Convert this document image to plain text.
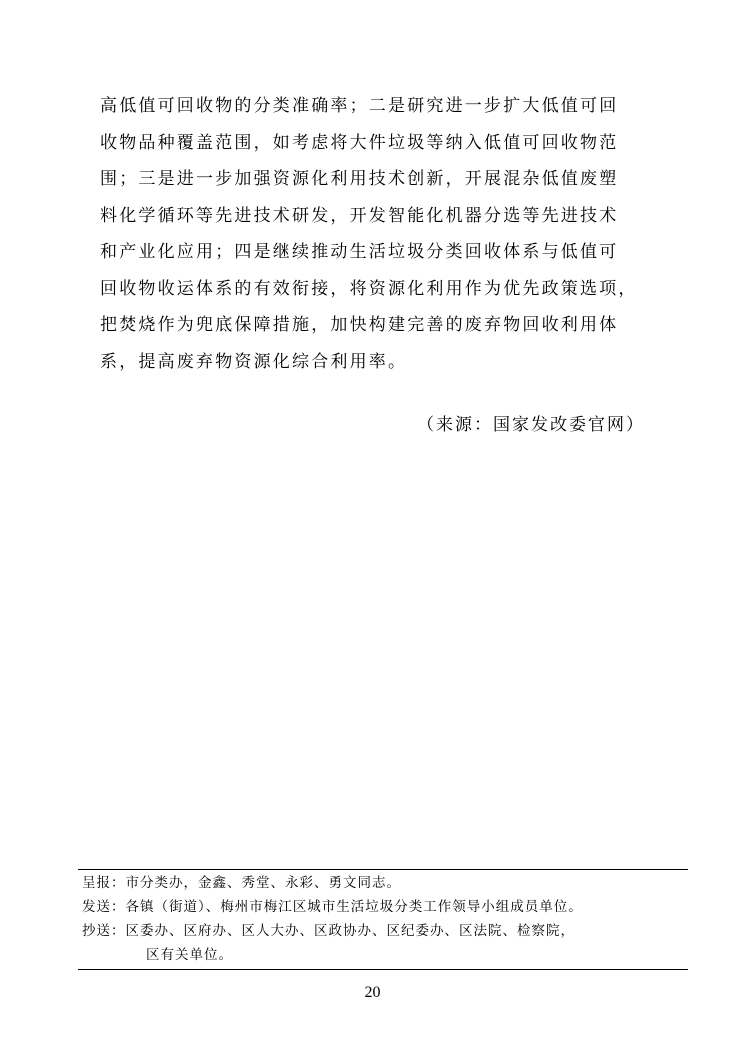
高低值可回收物的分类准确率；二是研究进一步扩大低值可回
收物品种覆盖范围，如考虑将大件垃圾等纳入低值可回收物范
围；三是进一步加强资源化利用技术创新，开展混杂低值废塑
料化学循环等先进技术研发，开发智能化机器分选等先进技术
和产业化应用；四是继续推动生活垃圾分类回收体系与低值可
回收物收运体系的有效衔接，将资源化利用作为优先政策选项，
把焚烧作为兜底保障措施，加快构建完善的废弃物回收利用体
系，提高废弃物资源化综合利用率。
（来源：国家发改委官网）
呈报：市分类办，金鑫、秀堂、永彩、勇文同志。
发送：各镇（街道）、梅州市梅江区城市生活垃圾分类工作领导小组成员单位。
抄送：区委办、区府办、区人大办、区政协办、区纪委办、区法院、检察院，
区有关单位。
20
